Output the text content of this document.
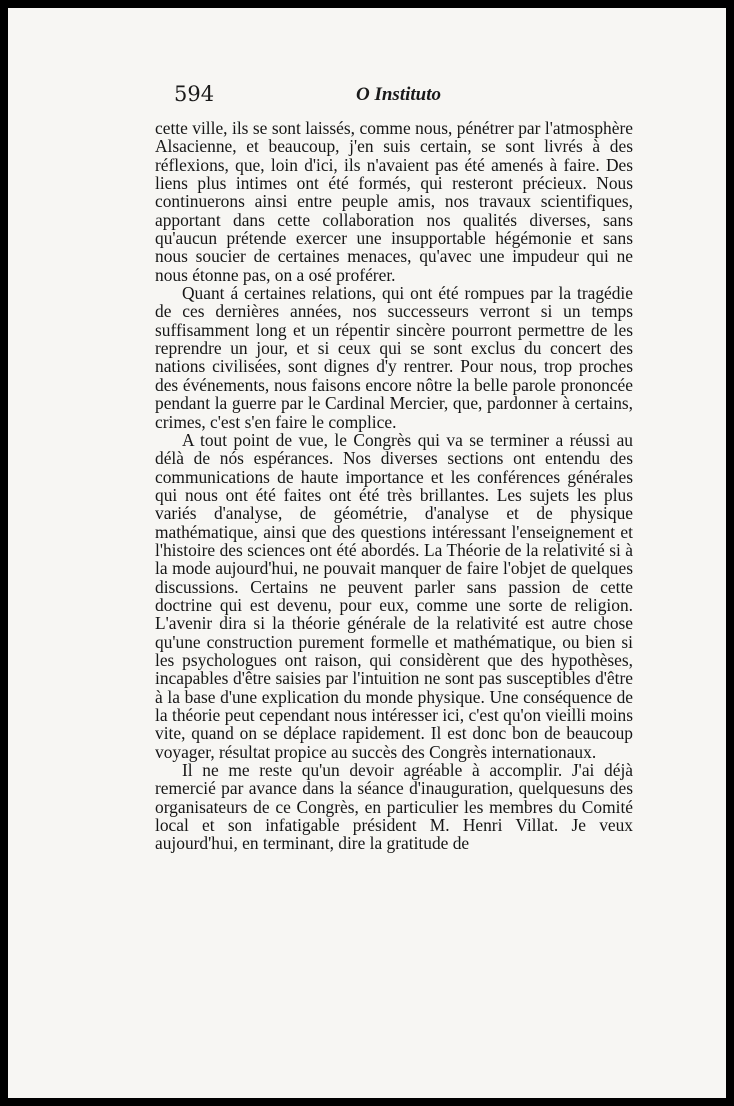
594	O Instituto

cette ville, ils se sont laissés, comme nous, pénétrer par l'atmosphère Alsacienne, et beaucoup, j'en suis certain, se sont livrés à des réflexions, que, loin d'ici, ils n'avaient pas été amenés à faire. Des liens plus intimes ont été formés, qui resteront précieux. Nous continuerons ainsi entre peuple amis, nos travaux scientifiques, apportant dans cette collaboration nos qualités diverses, sans qu'aucun prétende exercer une insupportable hégémonie et sans nous soucier de certaines menaces, qu'avec une impudeur qui ne nous étonne pas, on a osé proférer.

Quant á certaines relations, qui ont été rompues par la tragédie de ces dernières années, nos successeurs verront si un temps suffisamment long et un répentir sincère pourront permettre de les reprendre un jour, et si ceux qui se sont exclus du concert des nations civilisées, sont dignes d'y rentrer. Pour nous, trop proches des événements, nous faisons encore nôtre la belle parole prononcée pendant la guerre par le Cardinal Mercier, que, pardonner à certains, crimes, c'est s'en faire le complice.

A tout point de vue, le Congrès qui va se terminer a réussi au délà de nós espérances. Nos diverses sections ont entendu des communications de haute importance et les conférences générales qui nous ont été faites ont été très brillantes. Les sujets les plus variés d'analyse, de géométrie, d'analyse et de physique mathématique, ainsi que des questions intéressant l'enseignement et l'histoire des sciences ont été abordés. La Théorie de la relativité si à la mode aujourd'hui, ne pouvait manquer de faire l'objet de quelques discussions. Certains ne peuvent parler sans passion de cette doctrine qui est devenu, pour eux, comme une sorte de religion. L'avenir dira si la théorie générale de la relativité est autre chose qu'une construction purement formelle et mathématique, ou bien si les psychologues ont raison, qui considèrent que des hypothèses, incapables d'être saisies par l'intuition ne sont pas susceptibles d'être à la base d'une explication du monde physique. Une conséquence de la théorie peut cependant nous intéresser ici, c'est qu'on vieilli moins vite, quand on se déplace rapidement. Il est donc bon de beaucoup voyager, résultat propice au succès des Congrès internationaux.

Il ne me reste qu'un devoir agréable à accomplir. J'ai déjà remercié par avance dans la séance d'inauguration, quelquesuns des organisateurs de ce Congrès, en particulier les membres du Comité local et son infatigable président M. Henri Villat. Je veux aujourd'hui, en terminant, dire la gratitude de
